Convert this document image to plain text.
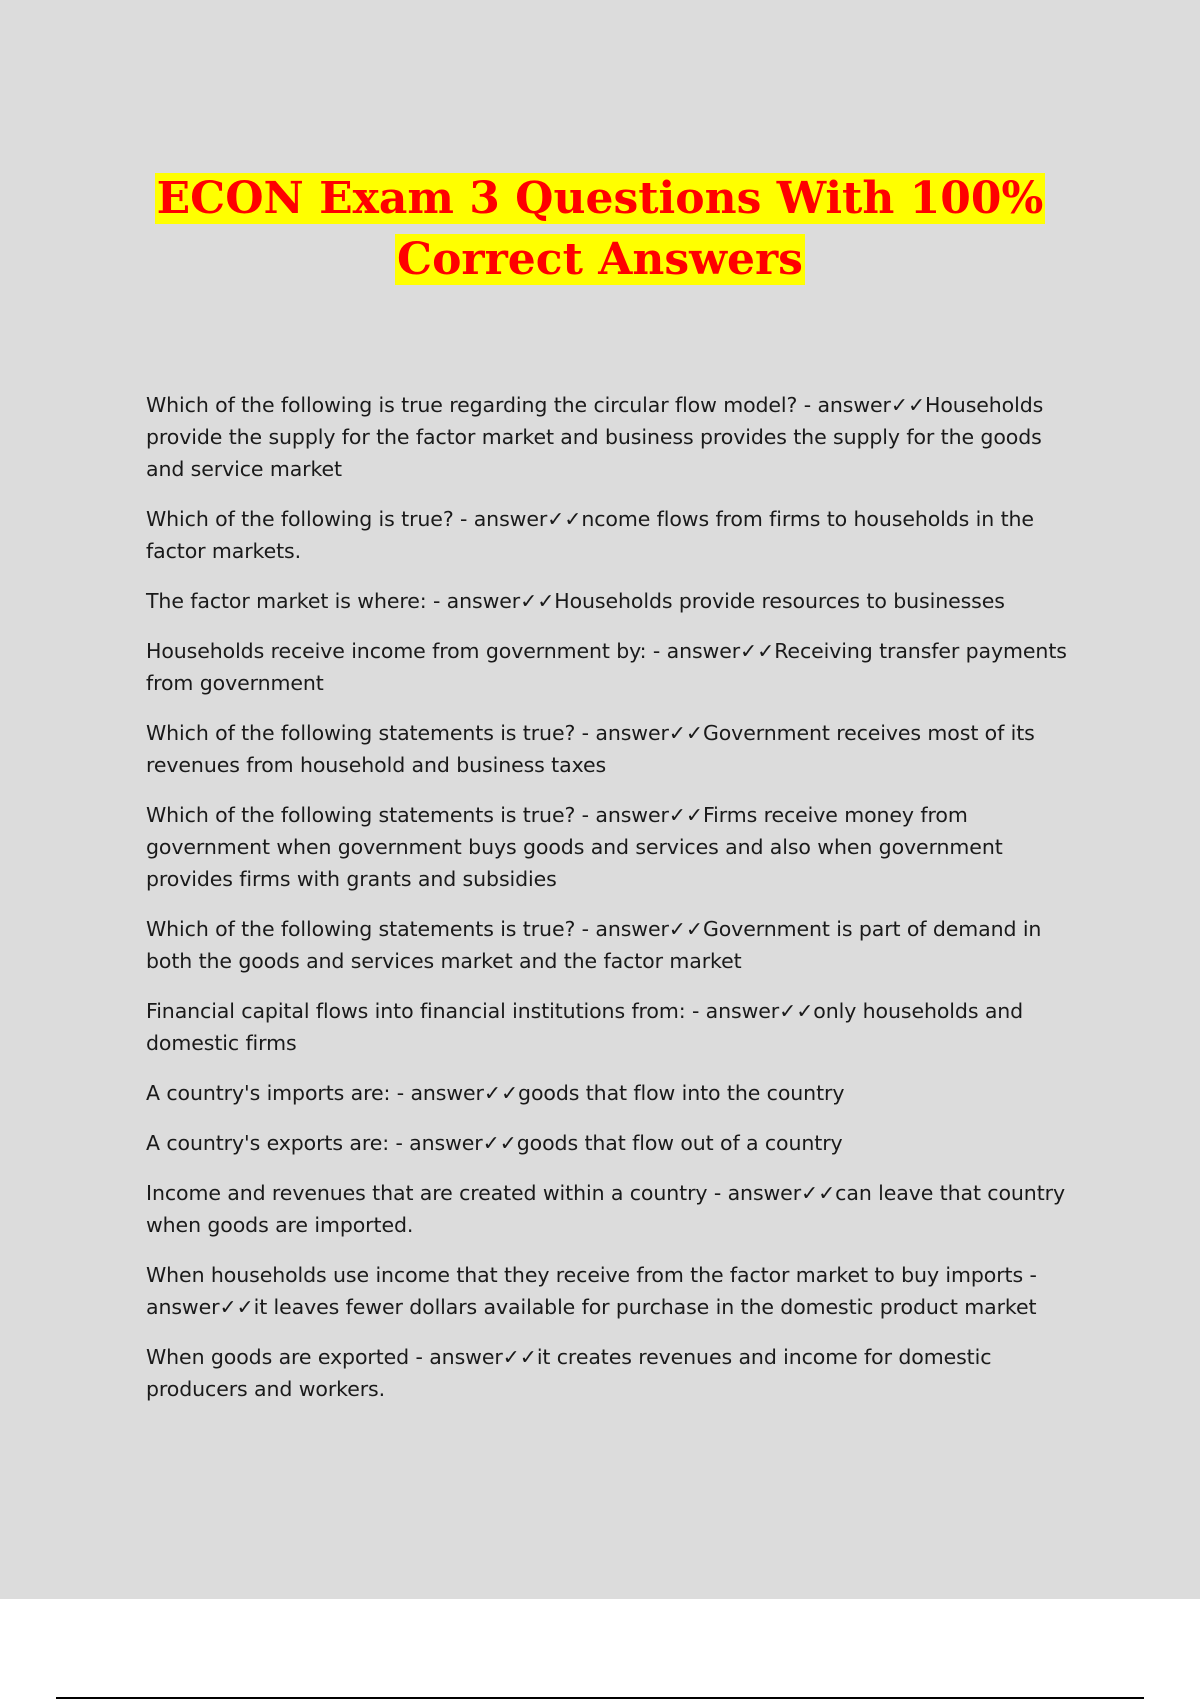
ECON Exam 3 Questions With 100%
Correct Answers
Which of the following is true regarding the circular flow model? - answer✓✓Households provide the supply for the factor market and business provides the supply for the goods and service market
Which of the following is true? - answer✓✓ncome flows from firms to households in the factor markets.
The factor market is where: - answer✓✓Households provide resources to businesses
Households receive income from government by: - answer✓✓Receiving transfer payments from government
Which of the following statements is true? - answer✓✓Government receives most of its revenues from household and business taxes
Which of the following statements is true? - answer✓✓Firms receive money from government when government buys goods and services and also when government provides firms with grants and subsidies
Which of the following statements is true? - answer✓✓Government is part of demand in both the goods and services market and the factor market
Financial capital flows into financial institutions from: - answer✓✓only households and domestic firms
A country's imports are: - answer✓✓goods that flow into the country
A country's exports are: - answer✓✓goods that flow out of a country
Income and revenues that are created within a country - answer✓✓can leave that country when goods are imported.
When households use income that they receive from the factor market to buy imports - answer✓✓it leaves fewer dollars available for purchase in the domestic product market
When goods are exported - answer✓✓it creates revenues and income for domestic producers and workers.
